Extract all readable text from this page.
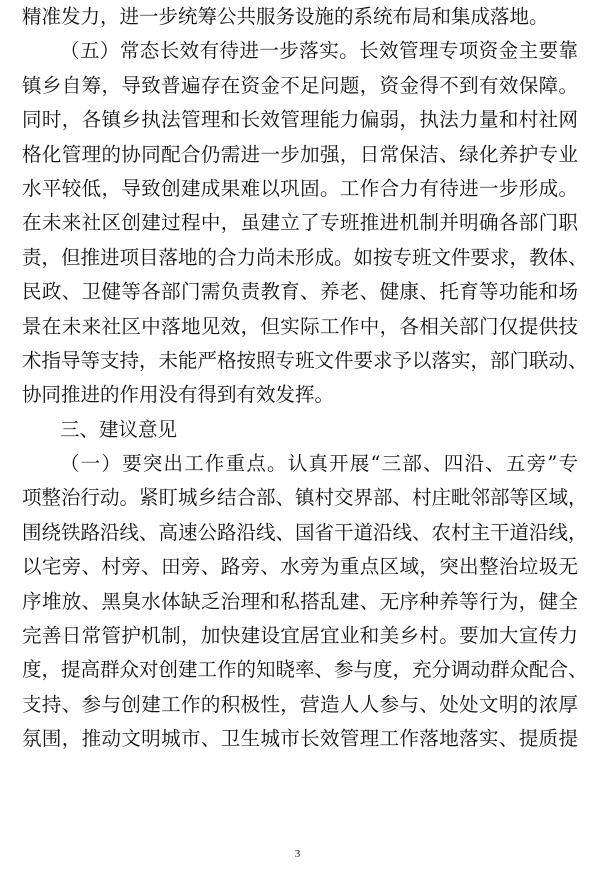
精准发力，进一步统筹公共服务设施的系统布局和集成落地。
（五）常态长效有待进一步落实。长效管理专项资金主要靠
镇乡自筹，导致普遍存在资金不足问题，资金得不到有效保障。
同时，各镇乡执法管理和长效管理能力偏弱，执法力量和村社网
格化管理的协同配合仍需进一步加强，日常保洁、绿化养护专业
水平较低，导致创建成果难以巩固。工作合力有待进一步形成。
在未来社区创建过程中，虽建立了专班推进机制并明确各部门职
责，但推进项目落地的合力尚未形成。如按专班文件要求，教体、
民政、卫健等各部门需负责教育、养老、健康、托育等功能和场
景在未来社区中落地见效，但实际工作中，各相关部门仅提供技
术指导等支持，未能严格按照专班文件要求予以落实，部门联动、
协同推进的作用没有得到有效发挥。
三、建议意见
（一）要突出工作重点。认真开展“三部、四沿、五旁”专
项整治行动。紧盯城乡结合部、镇村交界部、村庄毗邻部等区域，
围绕铁路沿线、高速公路沿线、国省干道沿线、农村主干道沿线，
以宅旁、村旁、田旁、路旁、水旁为重点区域，突出整治垃圾无
序堆放、黑臭水体缺乏治理和私搭乱建、无序种养等行为，健全
完善日常管护机制，加快建设宜居宜业和美乡村。要加大宣传力
度，提高群众对创建工作的知晓率、参与度，充分调动群众配合、
支持、参与创建工作的积极性，营造人人参与、处处文明的浓厚
氛围，推动文明城市、卫生城市长效管理工作落地落实、提质提
3
